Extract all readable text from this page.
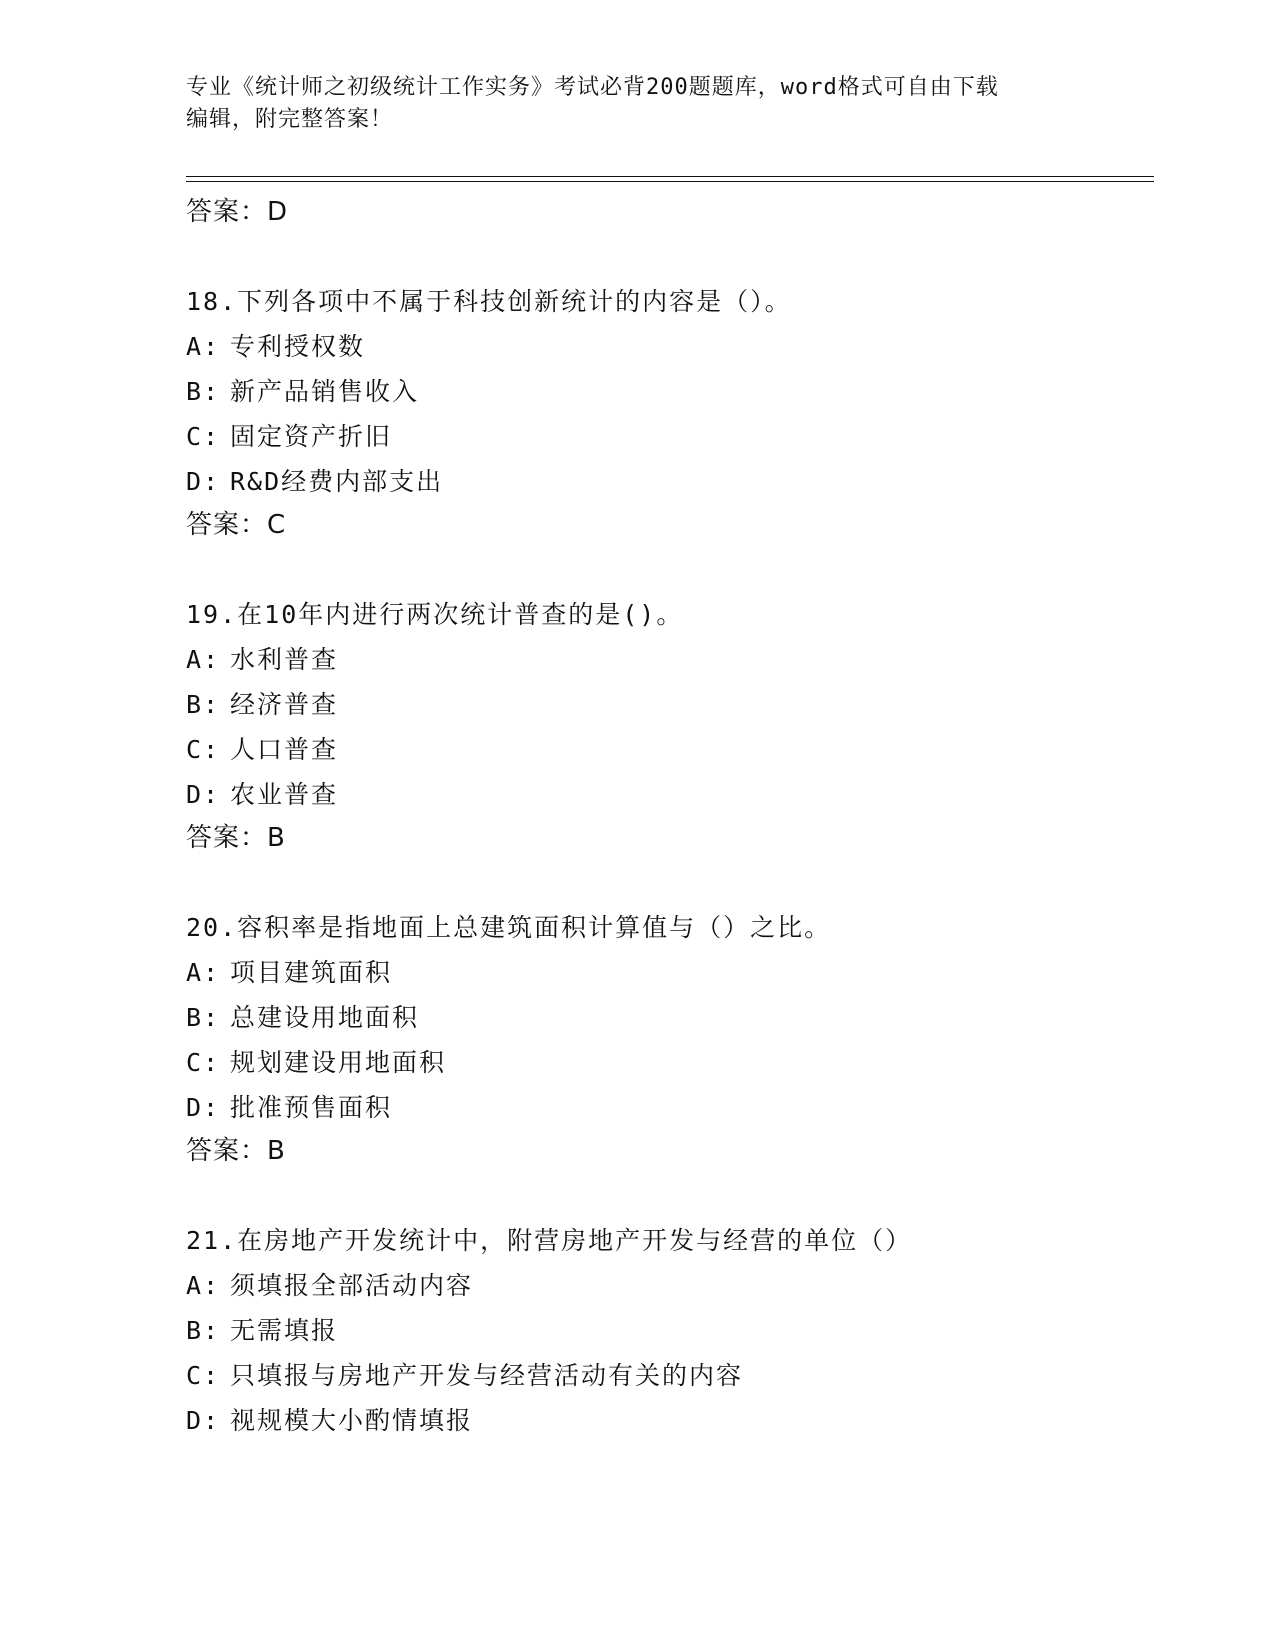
专业《统计师之初级统计工作实务》考试必背200题题库，word格式可自由下载
编辑，附完整答案！
答案：D
18.下列各项中不属于科技创新统计的内容是（）。
A: 专利授权数
B: 新产品销售收入
C: 固定资产折旧
D: R&D经费内部支出
答案：C
19.在10年内进行两次统计普查的是()。
A: 水利普查
B: 经济普查
C: 人口普查
D: 农业普查
答案：B
20.容积率是指地面上总建筑面积计算值与（）之比。
A: 项目建筑面积
B: 总建设用地面积
C: 规划建设用地面积
D: 批准预售面积
答案：B
21.在房地产开发统计中，附营房地产开发与经营的单位（）
A: 须填报全部活动内容
B: 无需填报
C: 只填报与房地产开发与经营活动有关的内容
D: 视规模大小酌情填报
